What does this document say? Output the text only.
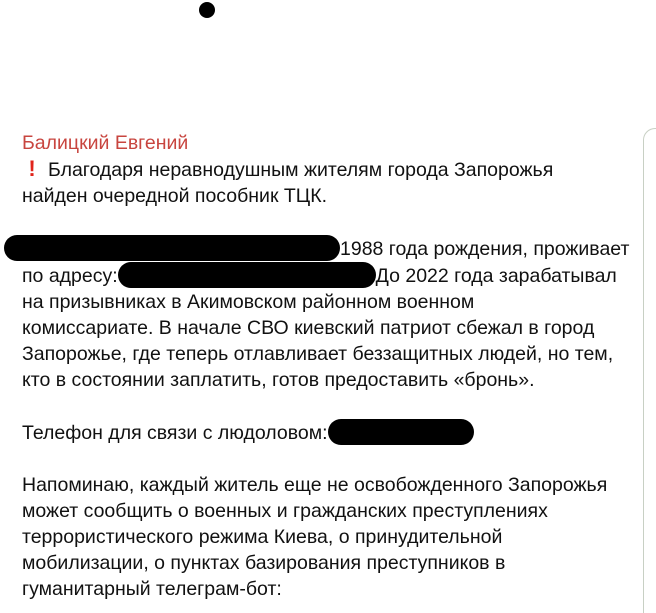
Балицкий Евгений
! Благодаря неравнодушным жителям города Запорожья
найден очередной пособник ТЦК.
1988 года рождения, проживает
по адресу:	До 2022 года зарабатывал
на призывниках в Акимовском районном военном
комиссариате. В начале СВО киевский патриот сбежал в город
Запорожье, где теперь отлавливает беззащитных людей, но тем,
кто в состоянии заплатить, готов предоставить «бронь».
Телефон для связи с людоловом:
Напоминаю, каждый житель еще не освобожденного Запорожья
может сообщить о военных и гражданских преступлениях
террористического режима Киева, о принудительной
мобилизации, о пунктах базирования преступников в
гуманитарный телеграм-бот:
